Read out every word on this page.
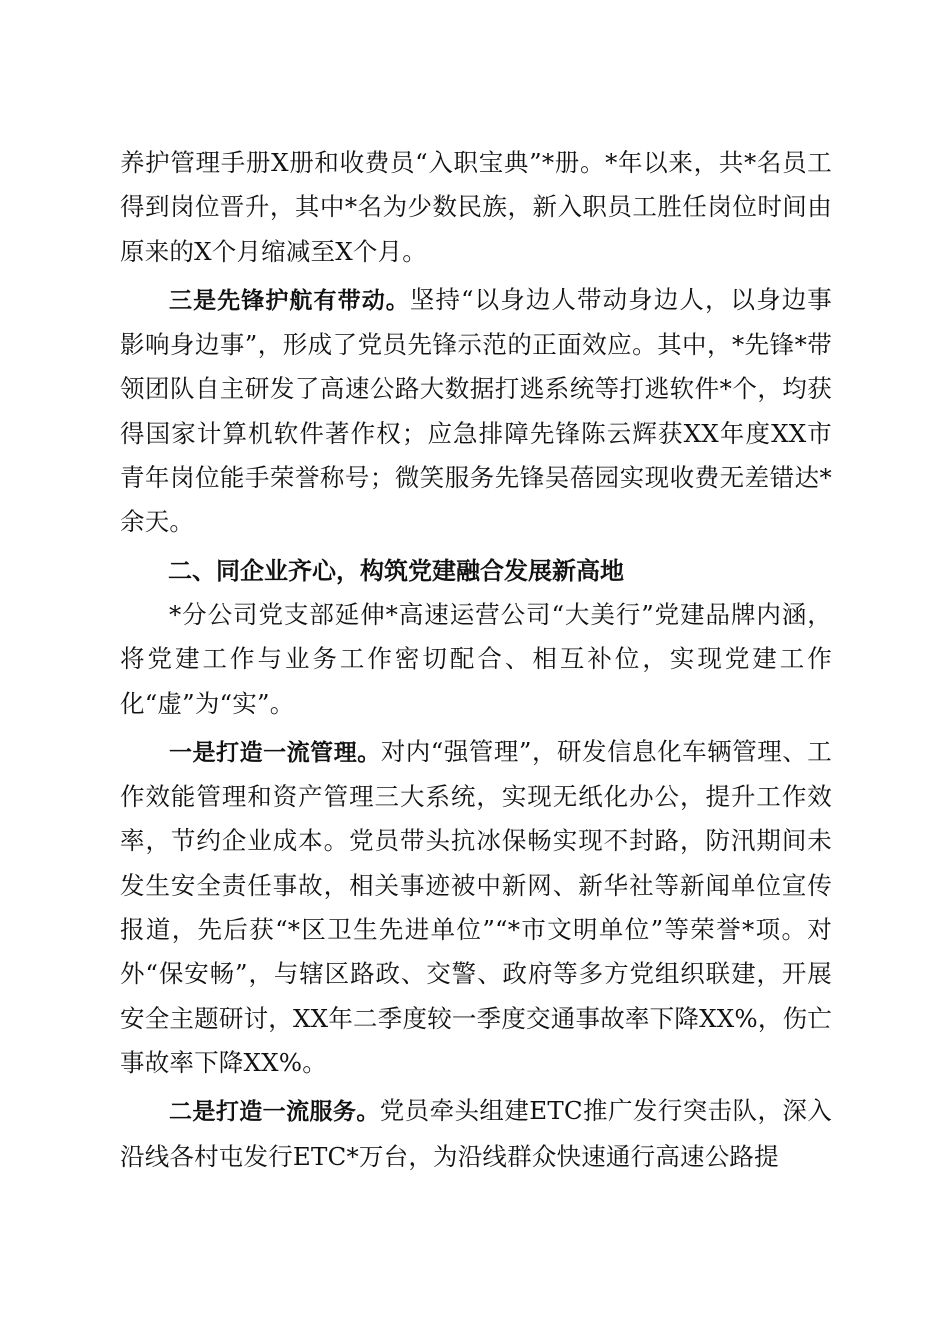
养护管理手册X册和收费员“入职宝典”*册。*年以来，共*名员工得到岗位晋升，其中*名为少数民族，新入职员工胜任岗位时间由原来的X个月缩减至X个月。

三是先锋护航有带动。坚持“以身边人带动身边人，以身边事影响身边事”，形成了党员先锋示范的正面效应。其中，*先锋*带领团队自主研发了高速公路大数据打逃系统等打逃软件*个，均获得国家计算机软件著作权；应急排障先锋陈云辉获XX年度XX市青年岗位能手荣誉称号；微笑服务先锋吴蓓园实现收费无差错达*余天。

二、同企业齐心，构筑党建融合发展新高地

*分公司党支部延伸*高速运营公司“大美行”党建品牌内涵，将党建工作与业务工作密切配合、相互补位，实现党建工作化“虚”为“实”。

一是打造一流管理。对内“强管理”，研发信息化车辆管理、工作效能管理和资产管理三大系统，实现无纸化办公，提升工作效率，节约企业成本。党员带头抗冰保畅实现不封路，防汛期间未发生安全责任事故，相关事迹被中新网、新华社等新闻单位宣传报道，先后获“*区卫生先进单位”“*市文明单位”等荣誉*项。对外“保安畅”，与辖区路政、交警、政府等多方党组织联建，开展安全主题研讨，XX年二季度较一季度交通事故率下降XX%，伤亡事故率下降XX%。

二是打造一流服务。党员牵头组建ETC推广发行突击队，深入沿线各村屯发行ETC*万台，为沿线群众快速通行高速公路提
